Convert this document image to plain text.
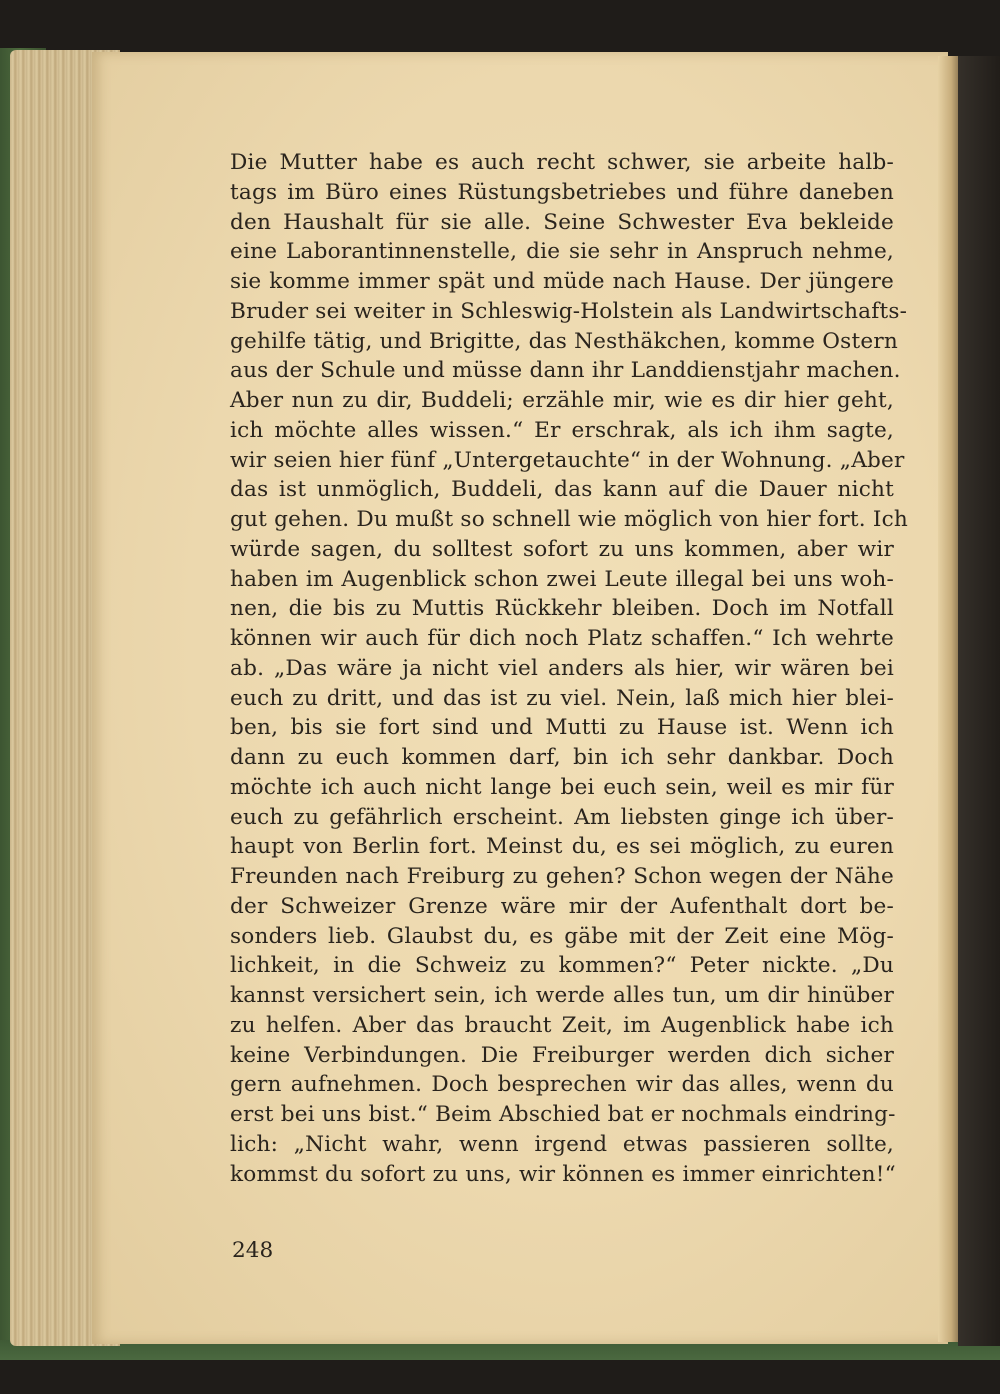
Die Mutter habe es auch recht schwer, sie arbeite halb-
tags im Büro eines Rüstungsbetriebes und führe daneben
den Haushalt für sie alle. Seine Schwester Eva bekleide
eine Laborantinnenstelle, die sie sehr in Anspruch nehme,
sie komme immer spät und müde nach Hause. Der jüngere
Bruder sei weiter in Schleswig-Holstein als Landwirtschafts-
gehilfe tätig, und Brigitte, das Nesthäkchen, komme Ostern
aus der Schule und müsse dann ihr Landdienstjahr machen.
Aber nun zu dir, Buddeli; erzähle mir, wie es dir hier geht,
ich möchte alles wissen.“ Er erschrak, als ich ihm sagte,
wir seien hier fünf „Untergetauchte“ in der Wohnung. „Aber
das ist unmöglich, Buddeli, das kann auf die Dauer nicht
gut gehen. Du mußt so schnell wie möglich von hier fort. Ich
würde sagen, du solltest sofort zu uns kommen, aber wir
haben im Augenblick schon zwei Leute illegal bei uns woh-
nen, die bis zu Muttis Rückkehr bleiben. Doch im Notfall
können wir auch für dich noch Platz schaffen.“ Ich wehrte
ab. „Das wäre ja nicht viel anders als hier, wir wären bei
euch zu dritt, und das ist zu viel. Nein, laß mich hier blei-
ben, bis sie fort sind und Mutti zu Hause ist. Wenn ich
dann zu euch kommen darf, bin ich sehr dankbar. Doch
möchte ich auch nicht lange bei euch sein, weil es mir für
euch zu gefährlich erscheint. Am liebsten ginge ich über-
haupt von Berlin fort. Meinst du, es sei möglich, zu euren
Freunden nach Freiburg zu gehen? Schon wegen der Nähe
der Schweizer Grenze wäre mir der Aufenthalt dort be-
sonders lieb. Glaubst du, es gäbe mit der Zeit eine Mög-
lichkeit, in die Schweiz zu kommen?“ Peter nickte. „Du
kannst versichert sein, ich werde alles tun, um dir hinüber
zu helfen. Aber das braucht Zeit, im Augenblick habe ich
keine Verbindungen. Die Freiburger werden dich sicher
gern aufnehmen. Doch besprechen wir das alles, wenn du
erst bei uns bist.“ Beim Abschied bat er nochmals eindring-
lich: „Nicht wahr, wenn irgend etwas passieren sollte,
kommst du sofort zu uns, wir können es immer einrichten!“
248
